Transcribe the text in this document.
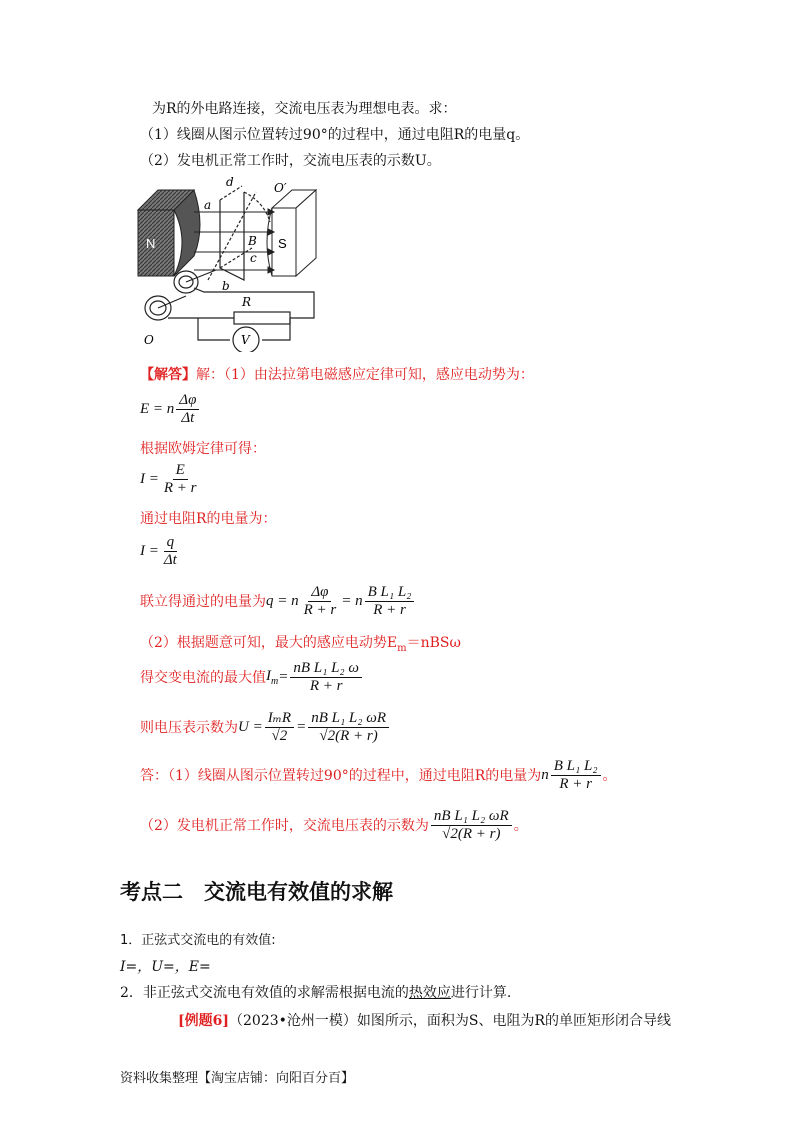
为R的外电路连接，交流电压表为理想电表。求：
（1）线圈从图示位置转过90°的过程中，通过电阻R的电量q。
（2）发电机正常工作时，交流电压表的示数U。
N	S
d	O′
a
B
c
b
R
V
O
【解答】解：（1）由法拉第电磁感应定律可知，感应电动势为：
E = n $\frac{\Delta\varphi}{\Delta t}$
根据欧姆定律可得：
$I = \frac{E}{R + r}$
通过电阻R的电量为：
$I = \frac{q}{\Delta t}$
联立得通过的电量为 q = n $\frac{\Delta\varphi}{R + r} = n \frac{\text{B L₁ L₂}}{R + r}$
（2）根据题意可知，最大的感应电动势$E_m=nBS\omega$
得交变电流的最大值 $I_m = \frac{\text{nB L₁ L₂ ω}}{R + r}$
则电压表示数为 $U = \frac{\text{IₘR}}{√2} = \frac{\text{nB L₁ L₂ ωR}}{√2(R + r)}$
答：（1）线圈从图示位置转过90°的过程中，通过电阻R的电量为 n $\frac{\text{B L₁ L₂}}{R + r}$ 。
（2）发电机正常工作时，交流电压表的示数为 $\frac{\text{nB L₁ L₂ ωR}}{√2(R + r)}$ 。
考点二　交流电有效值的求解
1．正弦式交流电的有效值:
I=，U=，E=
2．非正弦式交流电有效值的求解需根据电流的热效应进行计算.
[例题6]（2023•沧州一模）如图所示，面积为S、电阻为R的单匝矩形闭合导线
资料收集整理【淘宝店铺：向阳百分百】
